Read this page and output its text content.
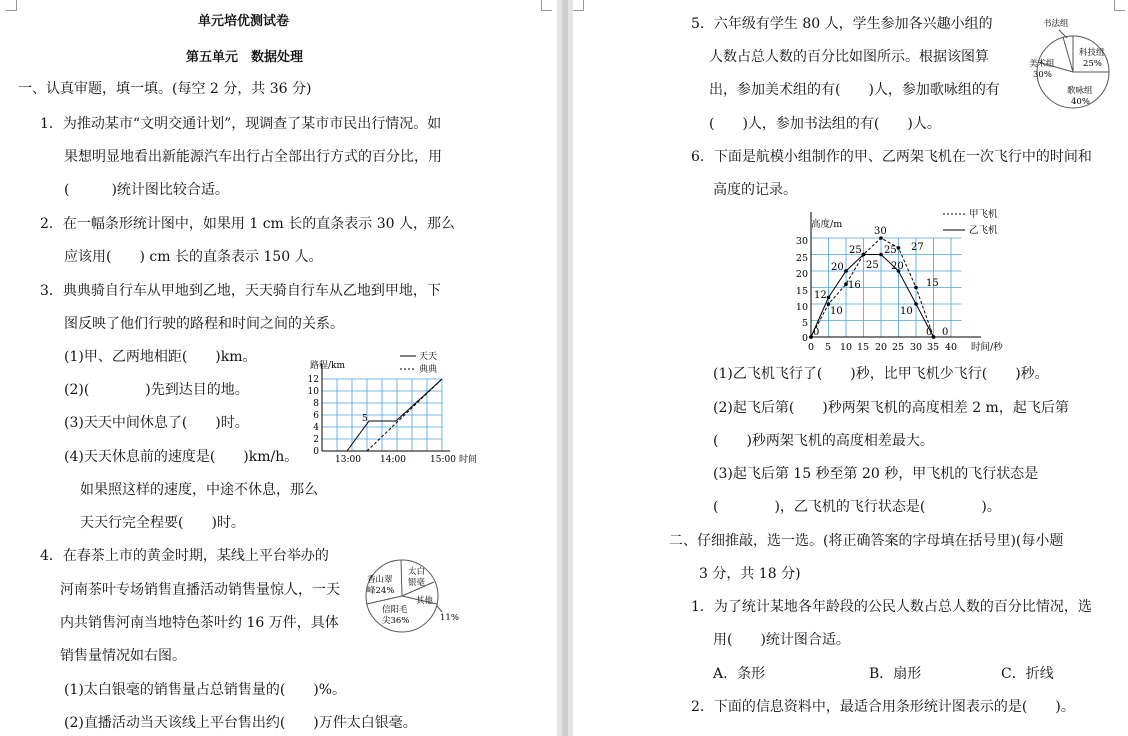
单元培优测试卷
第五单元　数据处理
一、认真审题，填一填。(每空 2 分，共 36 分)
1．为推动某市“文明交通计划”，现调查了某市市民出行情况。如
果想明显地看出新能源汽车出行占全部出行方式的百分比，用
(　　　)统计图比较合适。
2．在一幅条形统计图中，如果用 1 cm 长的直条表示 30 人，那么
应该用(　　) cm 长的直条表示 150 人。
3．典典骑自行车从甲地到乙地，天天骑自行车从乙地到甲地，下
图反映了他们行驶的路程和时间之间的关系。
(1)甲、乙两地相距(　　)km。
(2)(　　　　)先到达目的地。
(3)天天中间休息了(　　)时。
(4)天天休息前的速度是(　　)km/h。
如果照这样的速度，中途不休息，那么
天天行完全程要(　　)时。
路程/km
12
10
8
6
4
2
0
13:00 14:00	15:00 时间
天天
典典
5
4．在春茶上市的黄金时期，某线上平台举办的
河南茶叶专场销售直播活动销售量惊人，一天
内共销售河南当地特色茶叶约 16 万件，具体
销售量情况如右图。
(1)太白银毫的销售量占总销售量的(　　)%。
(2)直播活动当天该线上平台售出约(　　)万件太白银毫。
香山翠
峰24%
太白
银毫
其他
11%
信阳毛
尖36%
5．六年级有学生 80 人，学生参加各兴趣小组的
人数占总人数的百分比如图所示。根据该图算
出，参加美术组的有(　　)人，参加歌咏组的有
(　　)人，参加书法组的有(　　)人。
书法组
美术组
30%
科技组
25%
歌咏组
40%
6．下面是航模小组制作的甲、乙两架飞机在一次飞行中的时间和
高度的记录。
高度/m
时间/秒
30
25
20
15
10
5
0
0 5 10 15 20 25 30 35 40
甲飞机
乙飞机
30
25 25 27
20 25 20
16
12
10	10
15
0	0 0
(1)乙飞机飞行了(　　)秒，比甲飞机少飞行(　　)秒。
(2)起飞后第(　　)秒两架飞机的高度相差 2 m，起飞后第
(　　)秒两架飞机的高度相差最大。
(3)起飞后第 15 秒至第 20 秒，甲飞机的飞行状态是
(　　　　)，乙飞机的飞行状态是(　　　　)。
二、仔细推敲，选一选。(将正确答案的字母填在括号里)(每小题
3 分，共 18 分)
1．为了统计某地各年龄段的公民人数占总人数的百分比情况，选
用(　　)统计图合适。
A．条形	B．扇形	C．折线
2．下面的信息资料中，最适合用条形统计图表示的是(　　)。
